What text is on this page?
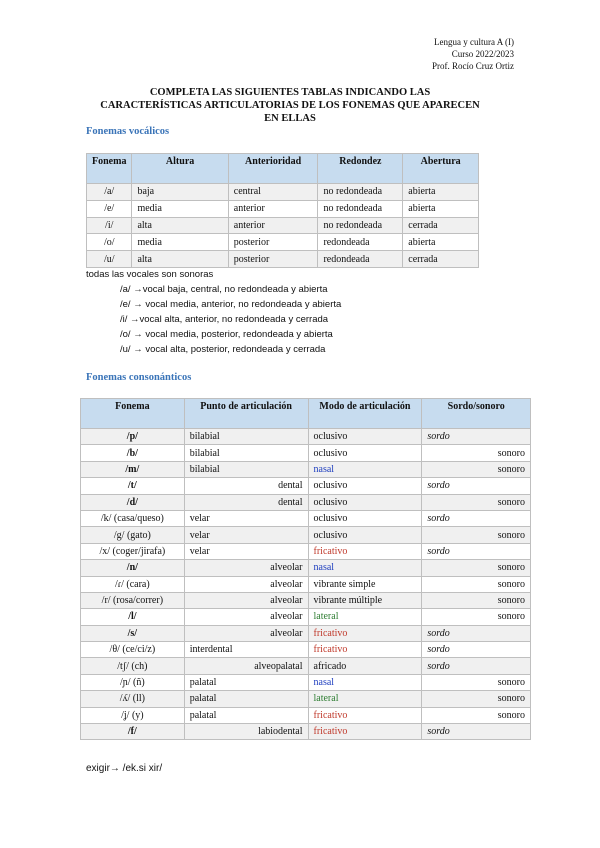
Lengua y cultura A (I)
Curso 2022/2023
Prof. Rocío Cruz Ortiz
COMPLETA LAS SIGUIENTES TABLAS INDICANDO LAS CARACTERÍSTICAS ARTICULATORIAS DE LOS FONEMAS QUE APARECEN EN ELLAS
Fonemas vocálicos
Fonema	Altura	Anterioridad	Redondez	Abertura
/a/	baja	central	no redondeada	abierta
/e/	media	anterior	no redondeada	abierta
/i/	alta	anterior	no redondeada	cerrada
/o/	media	posterior	redondeada	abierta
/u/	alta	posterior	redondeada	cerrada
todas las vocales son sonoras
/a/ →vocal baja, central, no redondeada y abierta
/e/ → vocal media, anterior, no redondeada y abierta
/i/ →vocal alta, anterior, no redondeada y cerrada
/o/ → vocal media, posterior, redondeada y abierta
/u/ → vocal alta, posterior, redondeada y cerrada
Fonemas consonánticos
Fonema	Punto de articulación	Modo de articulación	Sordo/sonoro
/p/	bilabial	oclusivo	sordo
/b/	bilabial	oclusivo	sonoro
/m/	bilabial	nasal	sonoro
/t/	dental	oclusivo	sordo
/d/	dental	oclusivo	sonoro
/k/ (casa/queso)	velar	oclusivo	sordo
/g/ (gato)	velar	oclusivo	sonoro
/x/ (coger/jirafa)	velar	fricativo	sordo
/n/	alveolar	nasal	sonoro
/ɾ/ (cara)	alveolar	vibrante simple	sonoro
/r/ (rosa/correr)	alveolar	vibrante múltiple	sonoro
/l/	alveolar	lateral	sonoro
/s/	alveolar	fricativo	sordo
/θ/ (ce/ci/z)	interdental	fricativo	sordo
/tʃ/ (ch)	alveopalatal	africado	sordo
/ɲ/ (ñ)	palatal	nasal	sonoro
/ʎ/ (ll)	palatal	lateral	sonoro
/ʝ/ (y)	palatal	fricativo	sonoro
/f/	labiodental	fricativo	sordo
exigir→ /ek.si xir/
